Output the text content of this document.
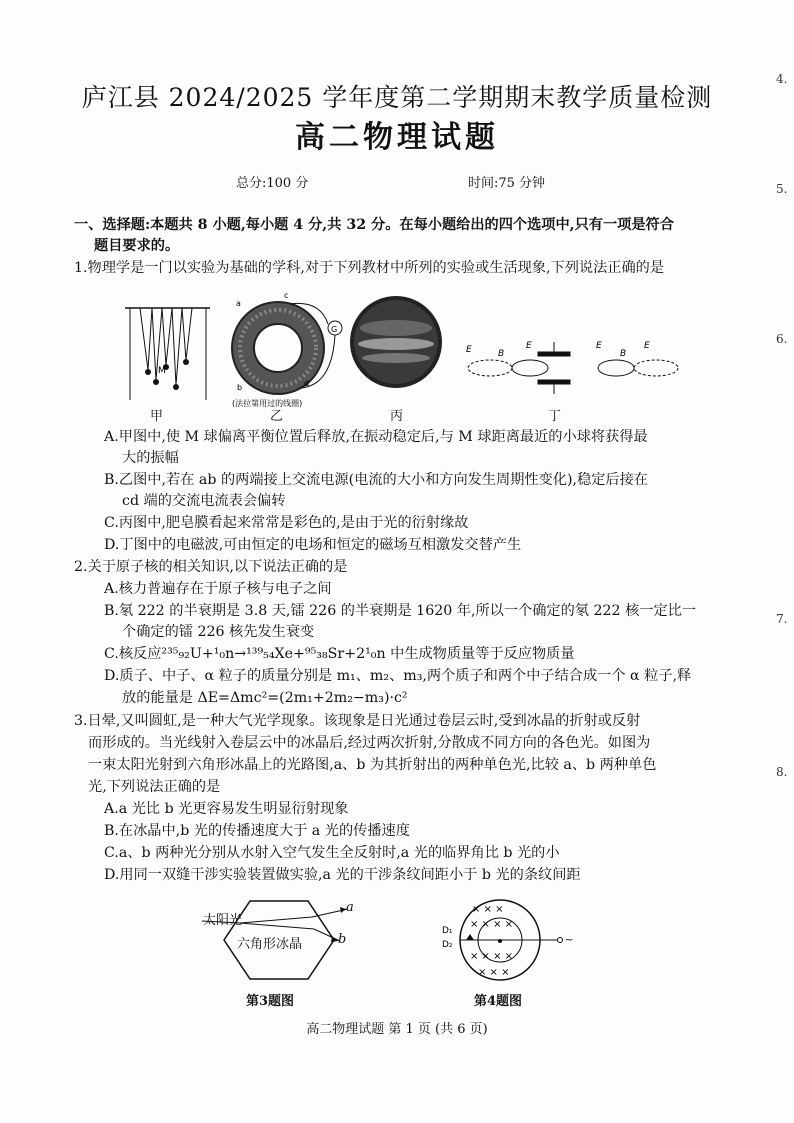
庐江县 2024/2025 学年度第二学期期末教学质量检测
高二物理试题
总分:100 分	时间:75 分钟
4.
5.
6.
7.
8.
一、选择题:本题共 8 小题,每小题 4 分,共 32 分。在每小题给出的四个选项中,只有一项是符合
题目要求的。
1.物理学是一门以实验为基础的学科,对于下列教材中所列的实验或生活现象,下列说法正确的是
M
G
a
b
c
d
(法拉第用过的线圈)
E	B
E	E
B
E
甲	乙	丙	丁
A.甲图中,使 M 球偏离平衡位置后释放,在振动稳定后,与 M 球距离最近的小球将获得最
大的振幅
B.乙图中,若在 ab 的两端接上交流电源(电流的大小和方向发生周期性变化),稳定后接在
cd 端的交流电流表会偏转
C.丙图中,肥皂膜看起来常常是彩色的,是由于光的衍射缘故
D.丁图中的电磁波,可由恒定的电场和恒定的磁场互相激发交替产生
2.关于原子核的相关知识,以下说法正确的是
A.核力普遍存在于原子核与电子之间
B.氡 222 的半衰期是 3.8 天,镭 226 的半衰期是 1620 年,所以一个确定的氡 222 核一定比一
个确定的镭 226 核先发生衰变
C.核反应²³⁵₉₂U+¹₀n→¹³⁹₅₄Xe+⁹⁵₃₈Sr+2¹₀n 中生成物质量等于反应物质量
D.质子、中子、α 粒子的质量分别是 m₁、m₂、m₃,两个质子和两个中子结合成一个 α 粒子,释
放的能量是 ΔE=Δmc²=(2m₁+2m₂−m₃)·c²
3.日晕,又叫圆虹,是一种大气光学现象。该现象是日光通过卷层云时,受到冰晶的折射或反射
而形成的。当光线射入卷层云中的冰晶后,经过两次折射,分散成不同方向的各色光。如图为
一束太阳光射到六角形冰晶上的光路图,a、b 为其折射出的两种单色光,比较 a、b 两种单色
光,下列说法正确的是
A.a 光比 b 光更容易发生明显衍射现象
B.在冰晶中,b 光的传播速度大于 a 光的传播速度
C.a、b 两种光分别从水射入空气发生全反射时,a 光的临界角比 b 光的小
D.用同一双缝干涉实验装置做实验,a 光的干涉条纹间距小于 b 光的条纹间距
太阳光
六角形冰晶
a
b
第3题图
× × ×
× × × ×
× × × ×
× × ×
D₁
D₂	~
第4题图
高二物理试题 第 1 页 (共 6 页)
